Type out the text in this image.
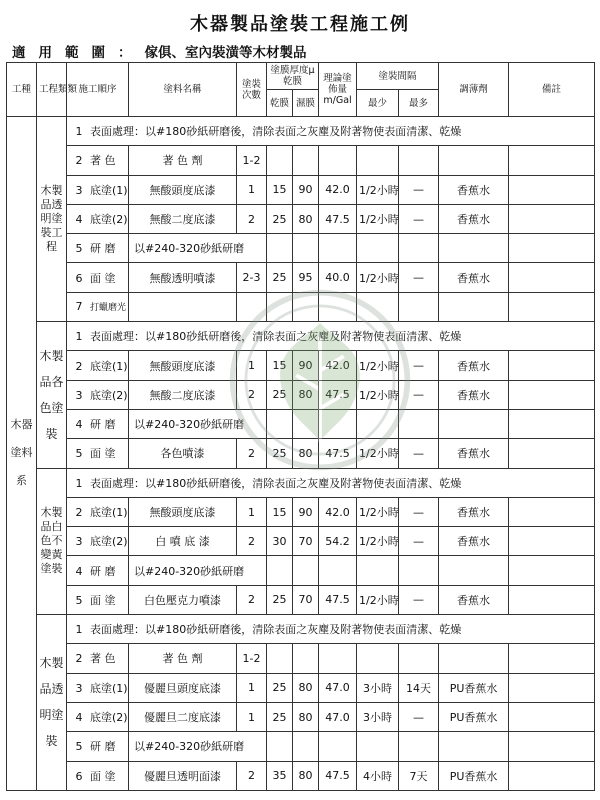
木器製品塗裝工程施工例
適用範圍：傢俱、室內裝潢等木材製品
工種	工程類類	施工順序	塗料名稱	塗裝次數	塗膜厚度μ乾膜		理論塗佈量 m/Gal	塗裝間隔		調薄劑	備註
					乾膜	濕膜		最少	最多		
木器塗料系	木製品透明塗裝工程	1 表面處理：以#180砂紙研磨後，清除表面之灰塵及附著物使表面清潔、乾燥									
		2 著 色	著 色 劑	1-2							
		3 底塗(1)	無酸頭度底漆	1	15	90	42.0	1/2小時	—	香蕉水	
		4 底塗(2)	無酸二度底漆	2	25	80	47.5	1/2小時	—	香蕉水	
		5 研 磨	以#240-320砂紙研磨								
		6 面 塗	無酸透明噴漆	2-3	25	95	40.0	1/2小時	—	香蕉水	
		7 打蠟磨光									
	木製品各色塗裝	1 表面處理：以#180砂紙研磨後，清除表面之灰塵及附著物使表面清潔、乾燥									
		2 底塗(1)	無酸頭度底漆	1	15	90	42.0	1/2小時	—	香蕉水	
		3 底塗(2)	無酸二度底漆	2	25	80	47.5	1/2小時	—	香蕉水	
		4 研 磨	以#240-320砂紙研磨								
		5 面 塗	各色噴漆	2	25	80	47.5	1/2小時	—	香蕉水	
	木製品白色不變黃塗裝	1 表面處理：以#180砂紙研磨後，清除表面之灰塵及附著物使表面清潔、乾燥									
		2 底塗(1)	無酸頭度底漆	1	15	90	42.0	1/2小時	—	香蕉水	
		3 底塗(2)	白 噴 底 漆	2	30	70	54.2	1/2小時	—	香蕉水	
		4 研 磨	以#240-320砂紙研磨								
		5 面 塗	白色壓克力噴漆	2	25	70	47.5	1/2小時	—	香蕉水	
	木製品透明塗裝	1 表面處理：以#180砂紙研磨後，清除表面之灰塵及附著物使表面清潔、乾燥									
		2 著 色	著 色 劑	1-2							
		3 底塗(1)	優麗旦頭度底漆	1	25	80	47.0	3小時	14天	PU香蕉水	
		4 底塗(2)	優麗旦二度底漆	1	25	80	47.0	3小時	—	PU香蕉水	
		5 研 磨	以#240-320砂紙研磨								
		6 面 塗	優麗旦透明面漆	2	35	80	47.5	4小時	7天	PU香蕉水	
